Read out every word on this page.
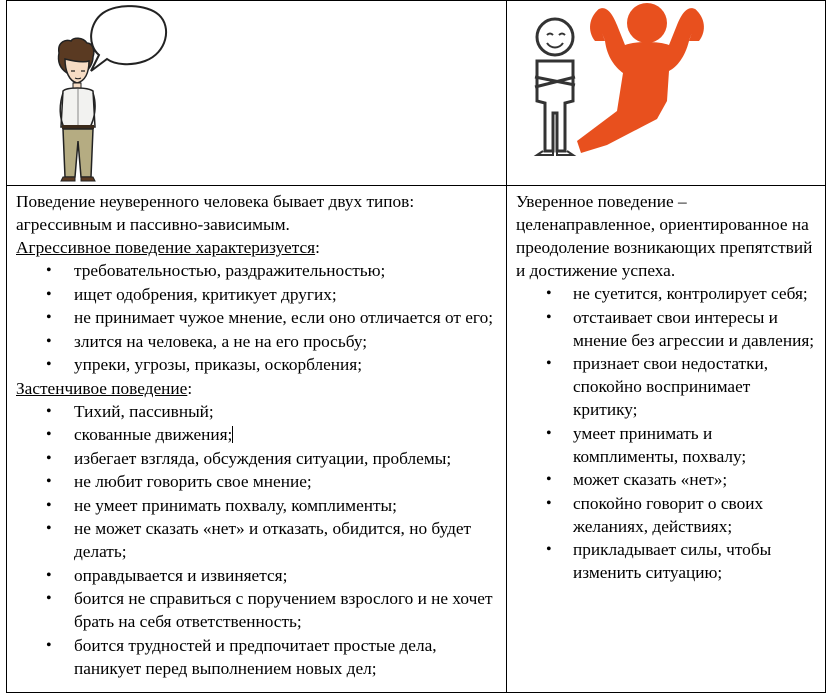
Поведение неуверенного человека бывает двух типов: агрессивным и пассивно-зависимым.

Агрессивное поведение характеризуется:

• требовательностью, раздражительностью;
• ищет одобрения, критикует других;
• не принимает чужое мнение, если оно отличается от его;
• злится на человека, а не на его просьбу;
• упреки, угрозы, приказы, оскорбления;

Застенчивое поведение:

• Тихий, пассивный;
• скованные движения;
• избегает взгляда, обсуждения ситуации, проблемы;
• не любит говорить свое мнение;
• не умеет принимать похвалу, комплименты;
• не может сказать «нет» и отказать, обидится, но будет делать;
• оправдывается и извиняется;
• боится не справиться с поручением взрослого и не хочет брать на себя ответственность;
• боится трудностей и предпочитает простые дела, паникует перед выполнением новых дел;

Уверенное поведение – целенаправленное, ориентированное на преодоление возникающих препятствий и достижение успеха.

• не суетится, контролирует себя;
• отстаивает свои интересы и мнение без агрессии и давления;
• признает свои недостатки, спокойно воспринимает критику;
• умеет принимать и комплименты, похвалу;
• может сказать «нет»;
• спокойно говорит о своих желаниях, действиях;
• прикладывает силы, чтобы изменить ситуацию;
